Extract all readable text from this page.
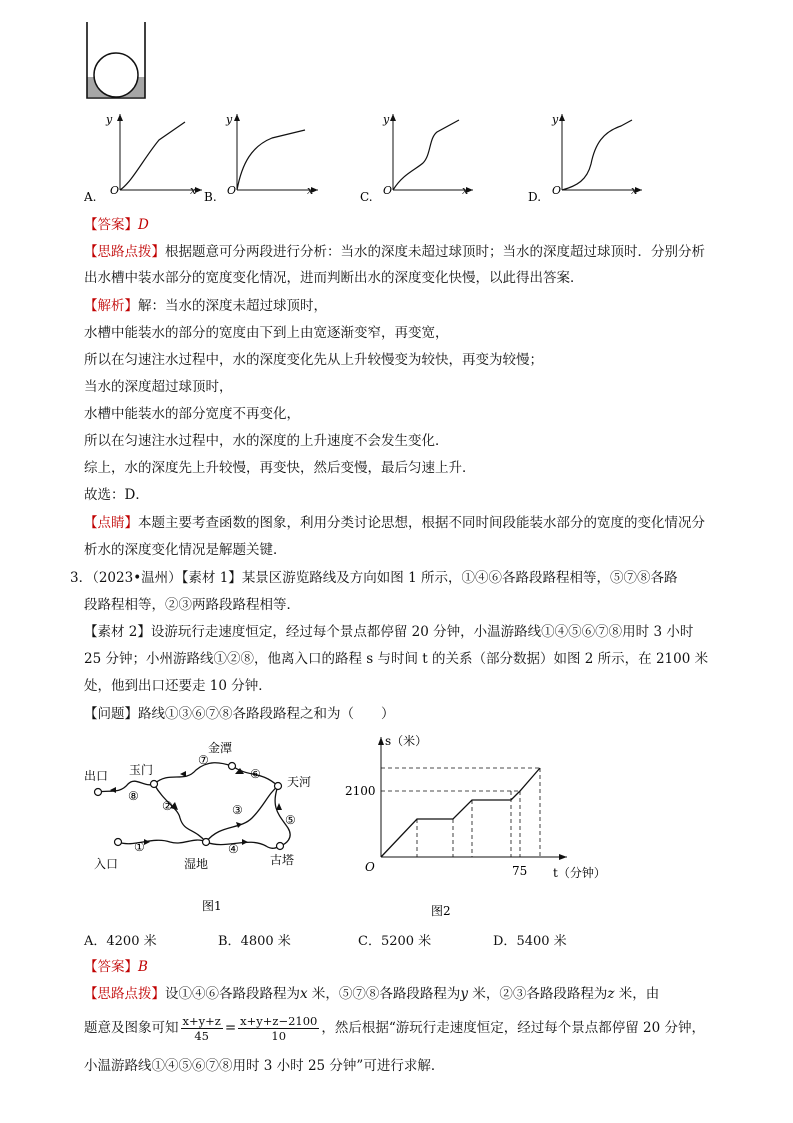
y
x
O
A.
y
x
O
B.
y
x
O
C.
y
x
O
D.
【答案】D
【思路点拨】根据题意可分两段进行分析：当水的深度未超过球顶时；当水的深度超过球顶时．分别分析
出水槽中装水部分的宽度变化情况，进而判断出水的深度变化快慢，以此得出答案．
【解析】解：当水的深度未超过球顶时，
水槽中能装水的部分的宽度由下到上由宽逐渐变窄，再变宽，
所以在匀速注水过程中，水的深度变化先从上升较慢变为较快，再变为较慢；
当水的深度超过球顶时，
水槽中能装水的部分宽度不再变化，
所以在匀速注水过程中，水的深度的上升速度不会发生变化．
综上，水的深度先上升较慢，再变快，然后变慢，最后匀速上升．
故选：D．
【点睛】本题主要考查函数的图象，利用分类讨论思想，根据不同时间段能装水部分的宽度的变化情况分
析水的深度变化情况是解题关键．
3．（2023•温州）【素材 1】某景区游览路线及方向如图 1 所示，①④⑥各路段路程相等，⑤⑦⑧各路
段路程相等，②③两路段路程相等．
【素材 2】设游玩行走速度恒定，经过每个景点都停留 20 分钟，小温游路线①④⑤⑥⑦⑧用时 3 小时
25 分钟；小州游路线①②⑧，他离入口的路程 s 与时间 t 的关系（部分数据）如图 2 所示，在 2100 米
处，他到出口还要走 10 分钟．
【问题】路线①③⑥⑦⑧各路段路程之和为（　　）
出口
入口
玉门
金潭
天河
湿地	古塔
①
②	③
④
⑤
⑥
⑦
⑧
图1
s（米）
t（分钟）
O
2100
75
图2
A．4200 米	B．4800 米	C．5200 米	D．5400 米
【答案】B
【思路点拨】设①④⑥各路段路程为x 米，⑤⑦⑧各路段路程为y 米，②③各路段路程为z 米，由
题意及图象可知 $\frac{x+y+z}{45} = \frac{x+y+z-2100}{10}$ ，然后根据“游玩行走速度恒定，经过每个景点都停留 20 分钟，
小温游路线①④⑤⑥⑦⑧用时 3 小时 25 分钟”可进行求解．
